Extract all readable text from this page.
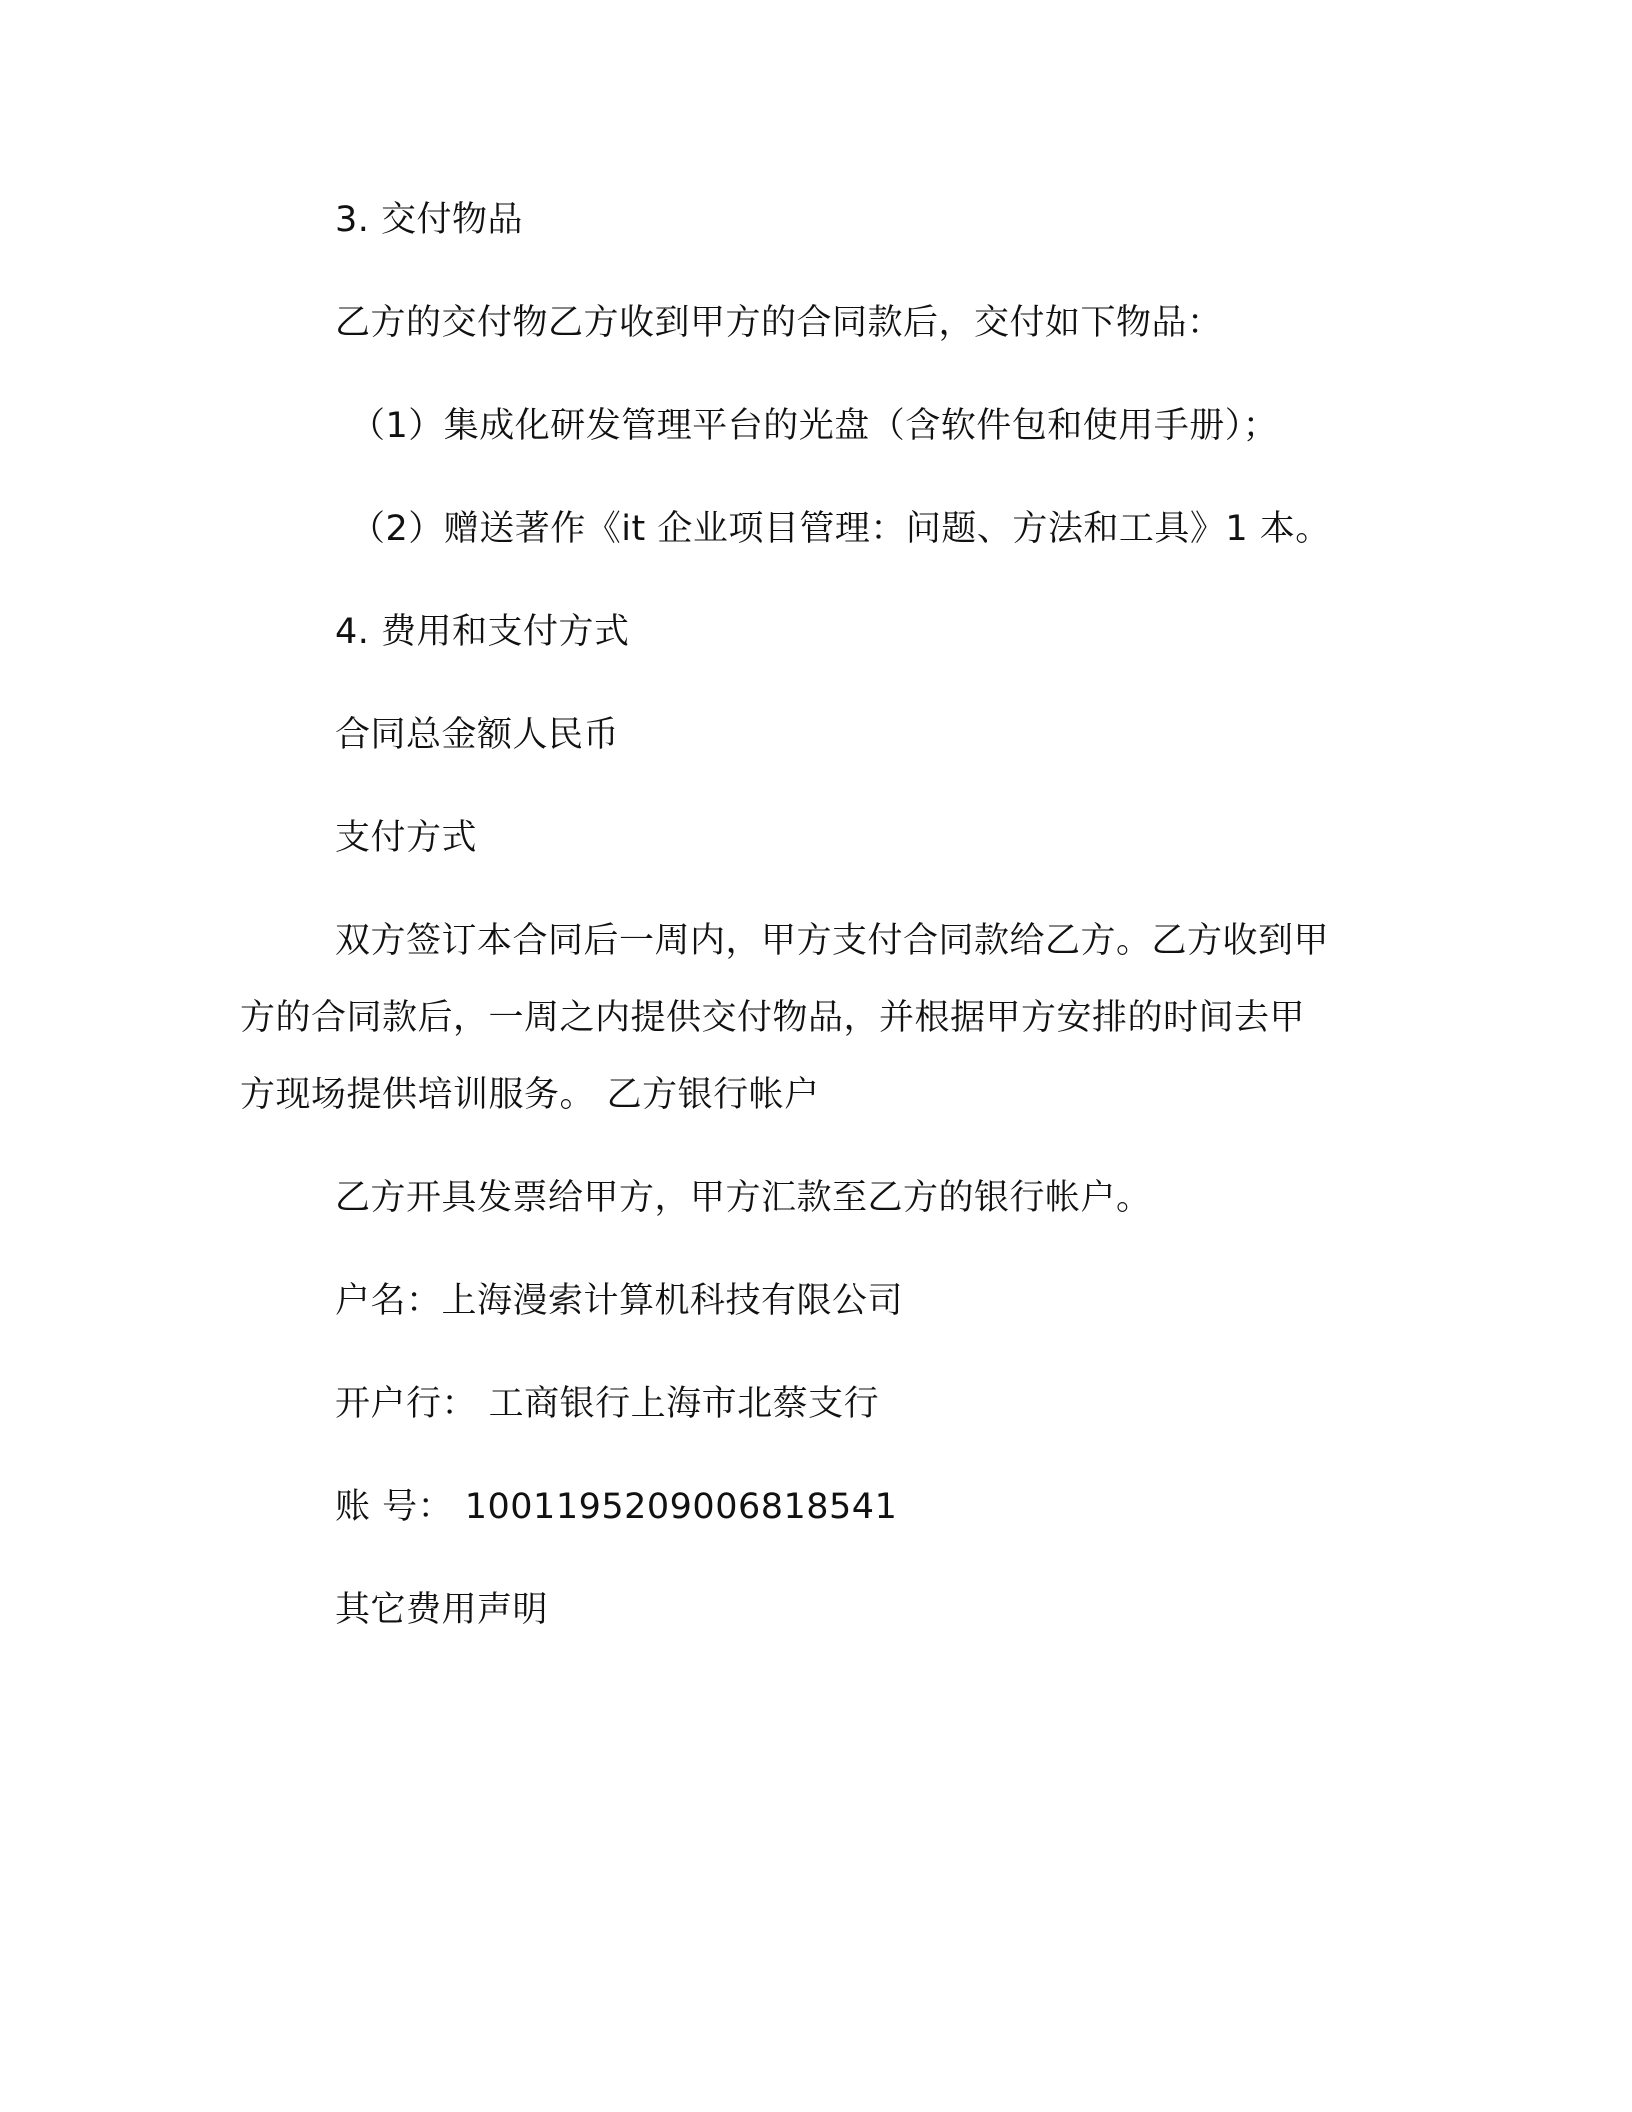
3. 交付物品
乙方的交付物乙方收到甲方的合同款后，交付如下物品：
（1）集成化研发管理平台的光盘（含软件包和使用手册）；
（2）赠送著作《it 企业项目管理：问题、方法和工具》1 本。
4. 费用和支付方式
合同总金额人民币
支付方式
双方签订本合同后一周内，甲方支付合同款给乙方。乙方收到甲
方的合同款后，一周之内提供交付物品，并根据甲方安排的时间去甲
方现场提供培训服务。 乙方银行帐户
乙方开具发票给甲方，甲方汇款至乙方的银行帐户。
户名：上海漫索计算机科技有限公司
开户行： 工商银行上海市北蔡支行
账 号： 1001195209006818541
其它费用声明
